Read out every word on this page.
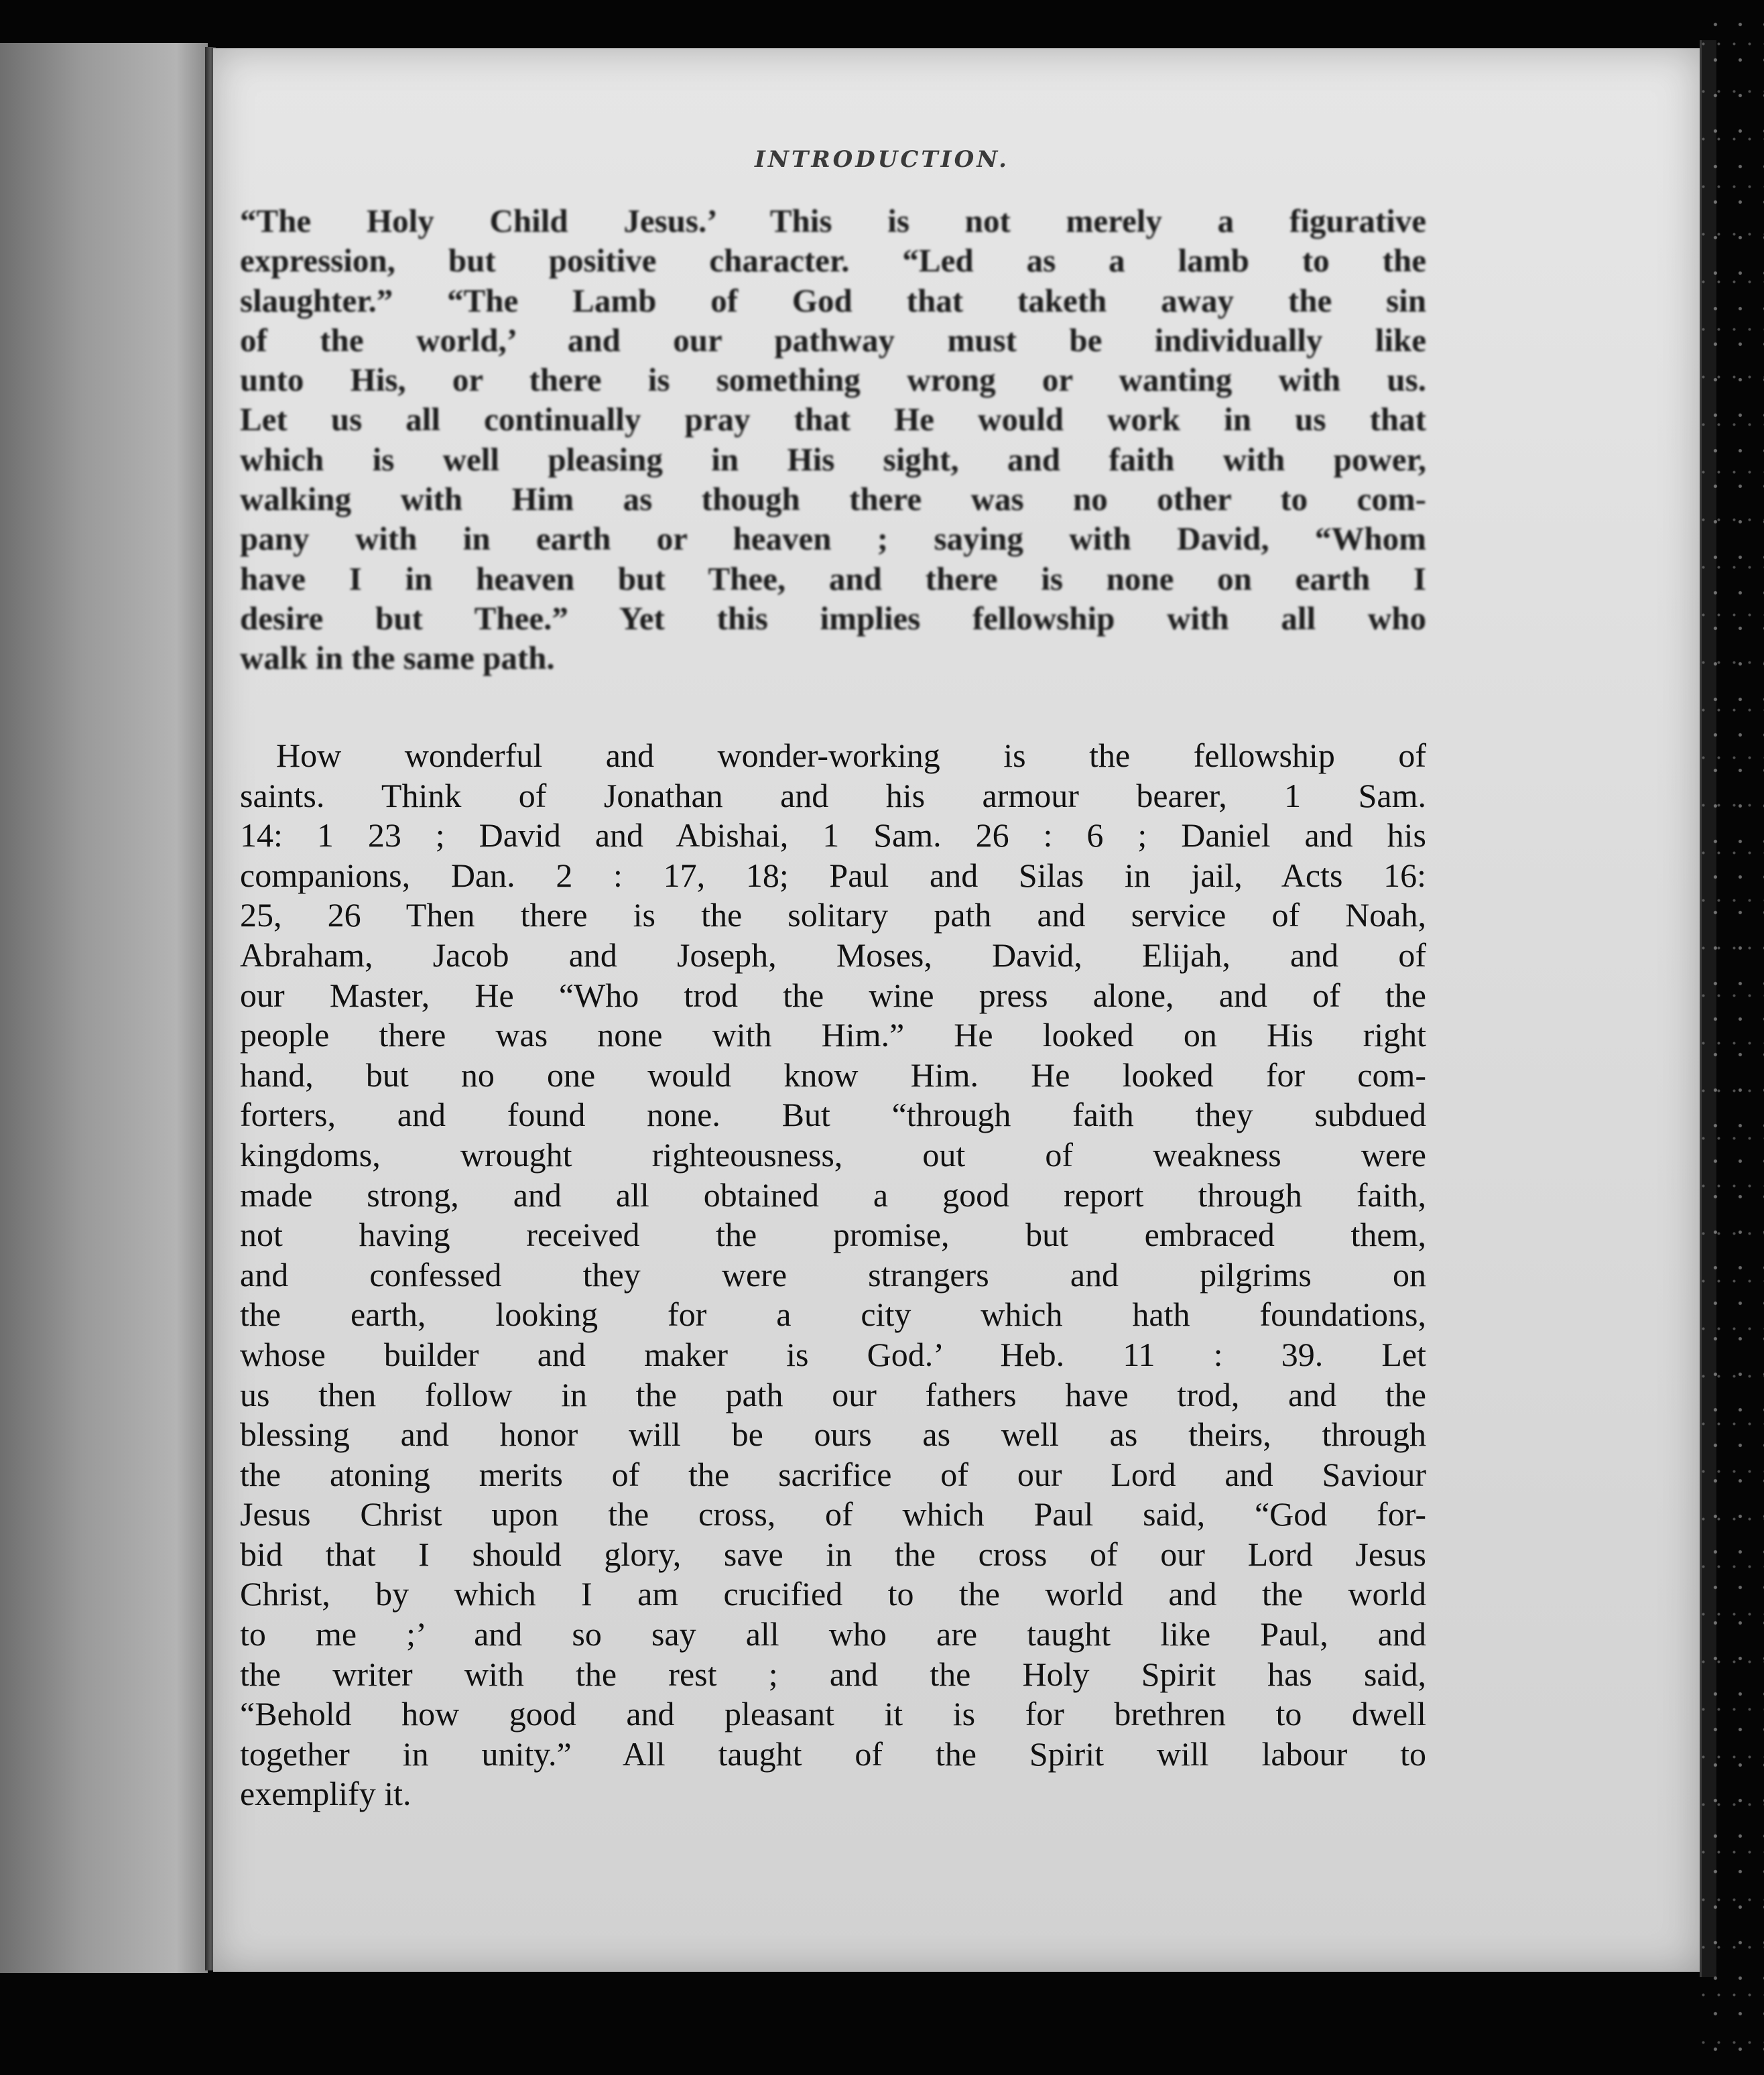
INTRODUCTION.
“The Holy Child Jesus.’ This is not merely a figurative
expression, but positive character. “Led as a lamb to the
slaughter.” “The Lamb of God that taketh away the sin
of the world,’ and our pathway must be individually like
unto His, or there is something wrong or wanting with us.
Let us all continually pray that He would work in us that
which is well pleasing in His sight, and faith with power,
walking with Him as though there was no other to com-
pany with in earth or heaven ; saying with David, “Whom
have I in heaven but Thee, and there is none on earth I
desire but Thee.” Yet this implies fellowship with all who
walk in the same path.
How wonderful and wonder-working is the fellowship of
saints. Think of Jonathan and his armour bearer, 1 Sam.
14: 1 23 ; David and Abishai, 1 Sam. 26 : 6 ; Daniel and his
companions, Dan. 2 : 17, 18; Paul and Silas in jail, Acts 16:
25, 26 Then there is the solitary path and service of Noah,
Abraham, Jacob and Joseph, Moses, David, Elijah, and of
our Master, He “Who trod the wine press alone, and of the
people there was none with Him.” He looked on His right
hand, but no one would know Him. He looked for com-
forters, and found none. But “through faith they subdued
kingdoms, wrought righteousness, out of weakness were
made strong, and all obtained a good report through faith,
not having received the promise, but embraced them,
and confessed they were strangers and pilgrims on
the earth, looking for a city which hath foundations,
whose builder and maker is God.’ Heb. 11 : 39. Let
us then follow in the path our fathers have trod, and the
blessing and honor will be ours as well as theirs, through
the atoning merits of the sacrifice of our Lord and Saviour
Jesus Christ upon the cross, of which Paul said, “God for-
bid that I should glory, save in the cross of our Lord Jesus
Christ, by which I am crucified to the world and the world
to me ;’ and so say all who are taught like Paul, and
the writer with the rest ; and the Holy Spirit has said,
“Behold how good and pleasant it is for brethren to dwell
together in unity.” All taught of the Spirit will labour to
exemplify it.
